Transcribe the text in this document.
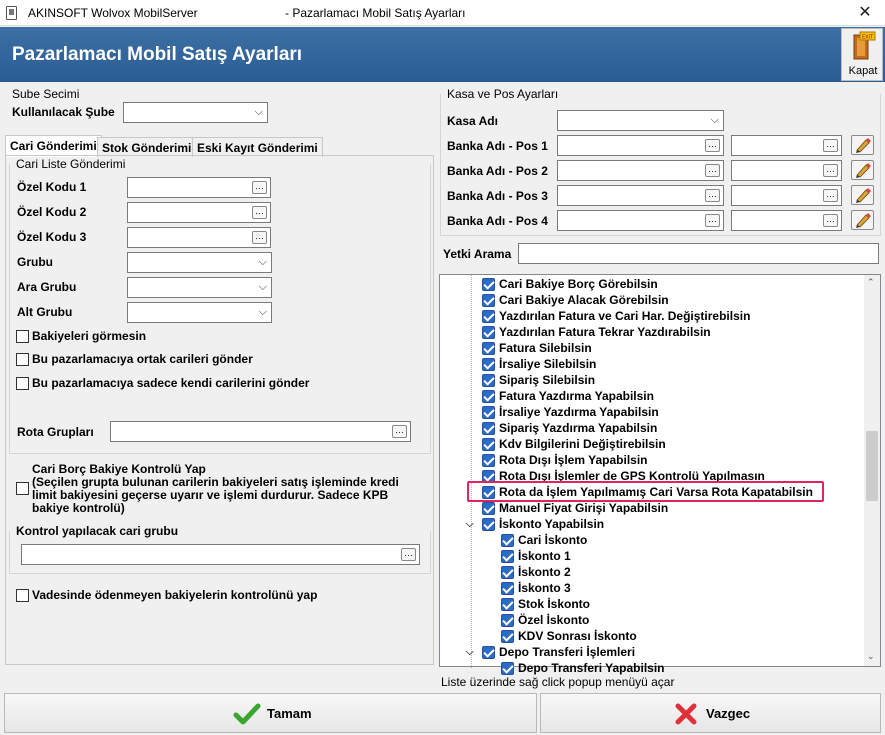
AKINSOFT Wolvox MobilServer	- Pazarlamacı Mobil Satış Ayarları	✕
Pazarlamacı Mobil Satış Ayarları
EXIT
Kapat
Sube Secimi
Kullanılacak Şube	⌵
Cari Gönderimi Stok Gönderimi Eski Kayıt Gönderimi
Cari Liste Gönderimi
Özel Kodu 1	…
Özel Kodu 2	…
Özel Kodu 3	…
Grubu	⌵
Ara Grubu	⌵
Alt Grubu	⌵
Bakiyeleri görmesin
Bu pazarlamacıya ortak carileri gönder
Bu pazarlamacıya sadece kendi carilerini gönder
Rota Grupları	…
Cari Borç Bakiye Kontrolü Yap
(Seçilen grupta bulunan carilerin bakiyeleri satış işleminde kredi
limit bakiyesini geçerse uyarır ve işlemi durdurur. Sadece KPB
bakiye kontrolü)
Kontrol yapılacak cari grubu
…
Vadesinde ödenmeyen bakiyelerin kontrolünü yap
Kasa ve Pos Ayarları
Kasa Adı	⌵
Banka Adı - Pos 1	…	…
Banka Adı - Pos 2	…	…
Banka Adı - Pos 3	…	…
Banka Adı - Pos 4	…	…
Yetki Arama
Cari Bakiye Borç Görebilsin
Cari Bakiye Alacak Görebilsin
Yazdırılan Fatura ve Cari Har. Değiştirebilsin
Yazdırılan Fatura Tekrar Yazdırabilsin
Fatura Silebilsin
İrsaliye Silebilsin
Sipariş Silebilsin
Fatura Yazdırma Yapabilsin
İrsaliye Yazdırma Yapabilsin
Sipariş Yazdırma Yapabilsin
Kdv Bilgilerini Değiştirebilsin
Rota Dışı İşlem Yapabilsin
Rota Dışı İşlemler de GPS Kontrolü Yapılmasın
Rota da İşlem Yapılmamış Cari Varsa Rota Kapatabilsin
Manuel Fiyat Girişi Yapabilsin
⌵ İskonto Yapabilsin
Cari İskonto
İskonto 1
İskonto 2
İskonto 3
Stok İskonto
Özel İskonto
KDV Sonrası İskonto
⌵ Depo Transferi İşlemleri
Depo Transferi Yapabilsin
⌃
⌄
Liste üzerinde sağ click popup menüyü açar
Tamam	Vazgec
